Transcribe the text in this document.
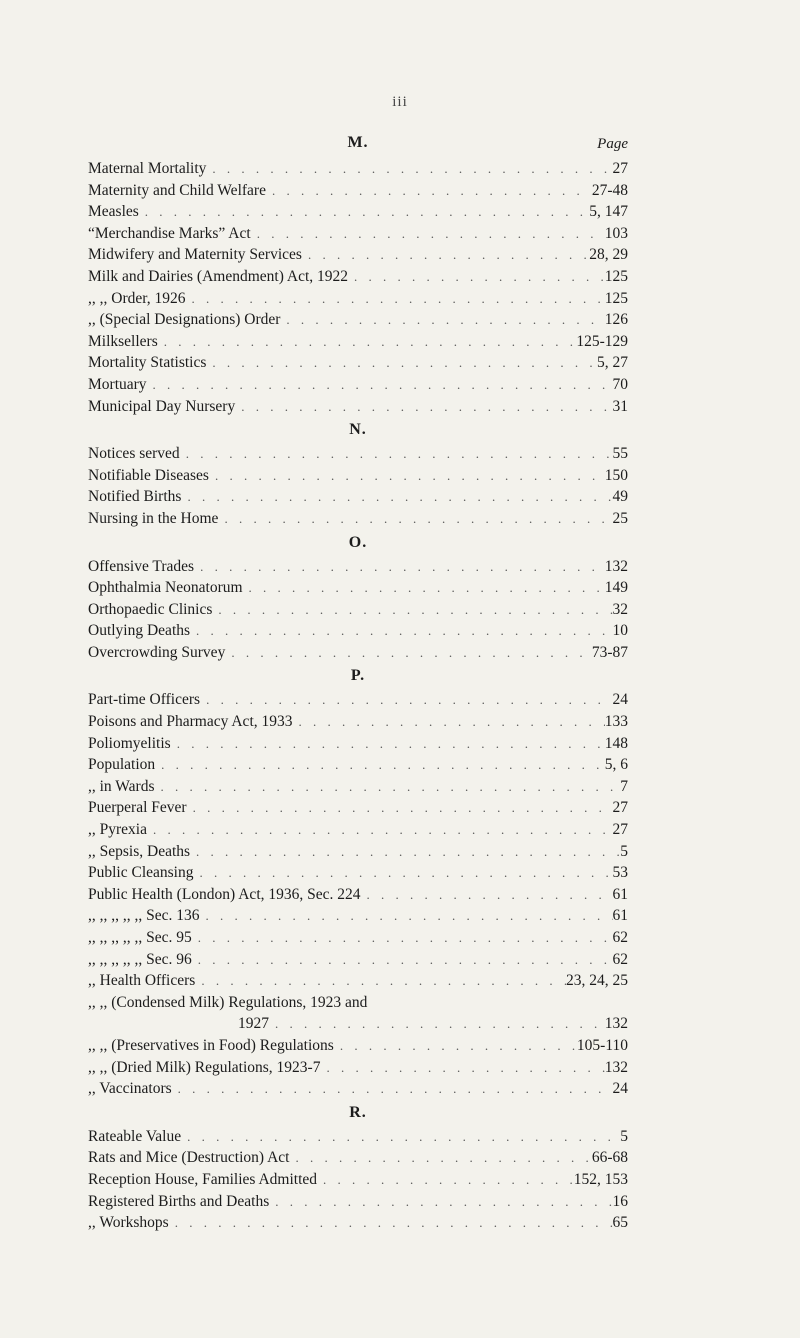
iii
M.	Page
Maternal Mortality . . .	27
Maternity and Child Welfare . . .	27-48
Measles . . .	5, 147
“Merchandise Marks” Act . . .	103
Midwifery and Maternity Services . . .	28, 29
Milk and Dairies (Amendment) Act, 1922 . . .	125
,, ,, Order, 1926 . . .	125
,, (Special Designations) Order . . .	126
Milksellers . . .	125-129
Mortality Statistics . . .	5, 27
Mortuary . . .	70
Municipal Day Nursery . . .	31
N.
Notices served . . .	55
Notifiable Diseases . . .	150
Notified Births . . .	49
Nursing in the Home . . .	25
O.
Offensive Trades . . .	132
Ophthalmia Neonatorum . . .	149
Orthopaedic Clinics . . .	32
Outlying Deaths . . .	10
Overcrowding Survey . . .	73-87
P.
Part-time Officers . . .	24
Poisons and Pharmacy Act, 1933 . . .	133
Poliomyelitis . . .	148
Population . . .	5, 6
,, in Wards . . .	7
Puerperal Fever . . .	27
,, Pyrexia . . .	27
,, Sepsis, Deaths . . .	5
Public Cleansing . . .	53
Public Health (London) Act, 1936, Sec. 224 . . .	61
,, ,, ,, ,, ,, Sec. 136 . . .	61
,, ,, ,, ,, ,, Sec. 95 . . .	62
,, ,, ,, ,, ,, Sec. 96 . . .	62
,, Health Officers . . .	23, 24, 25
,, ,, (Condensed Milk) Regulations, 1923 and
1927 . . .	132
,, ,, (Preservatives in Food) Regulations . . .	105-110
,, ,, (Dried Milk) Regulations, 1923-7 . . .	132
,, Vaccinators . . .	24
R.
Rateable Value . . .	5
Rats and Mice (Destruction) Act . . .	66-68
Reception House, Families Admitted . . .	152, 153
Registered Births and Deaths . . .	16
,, Workshops . . .	65
